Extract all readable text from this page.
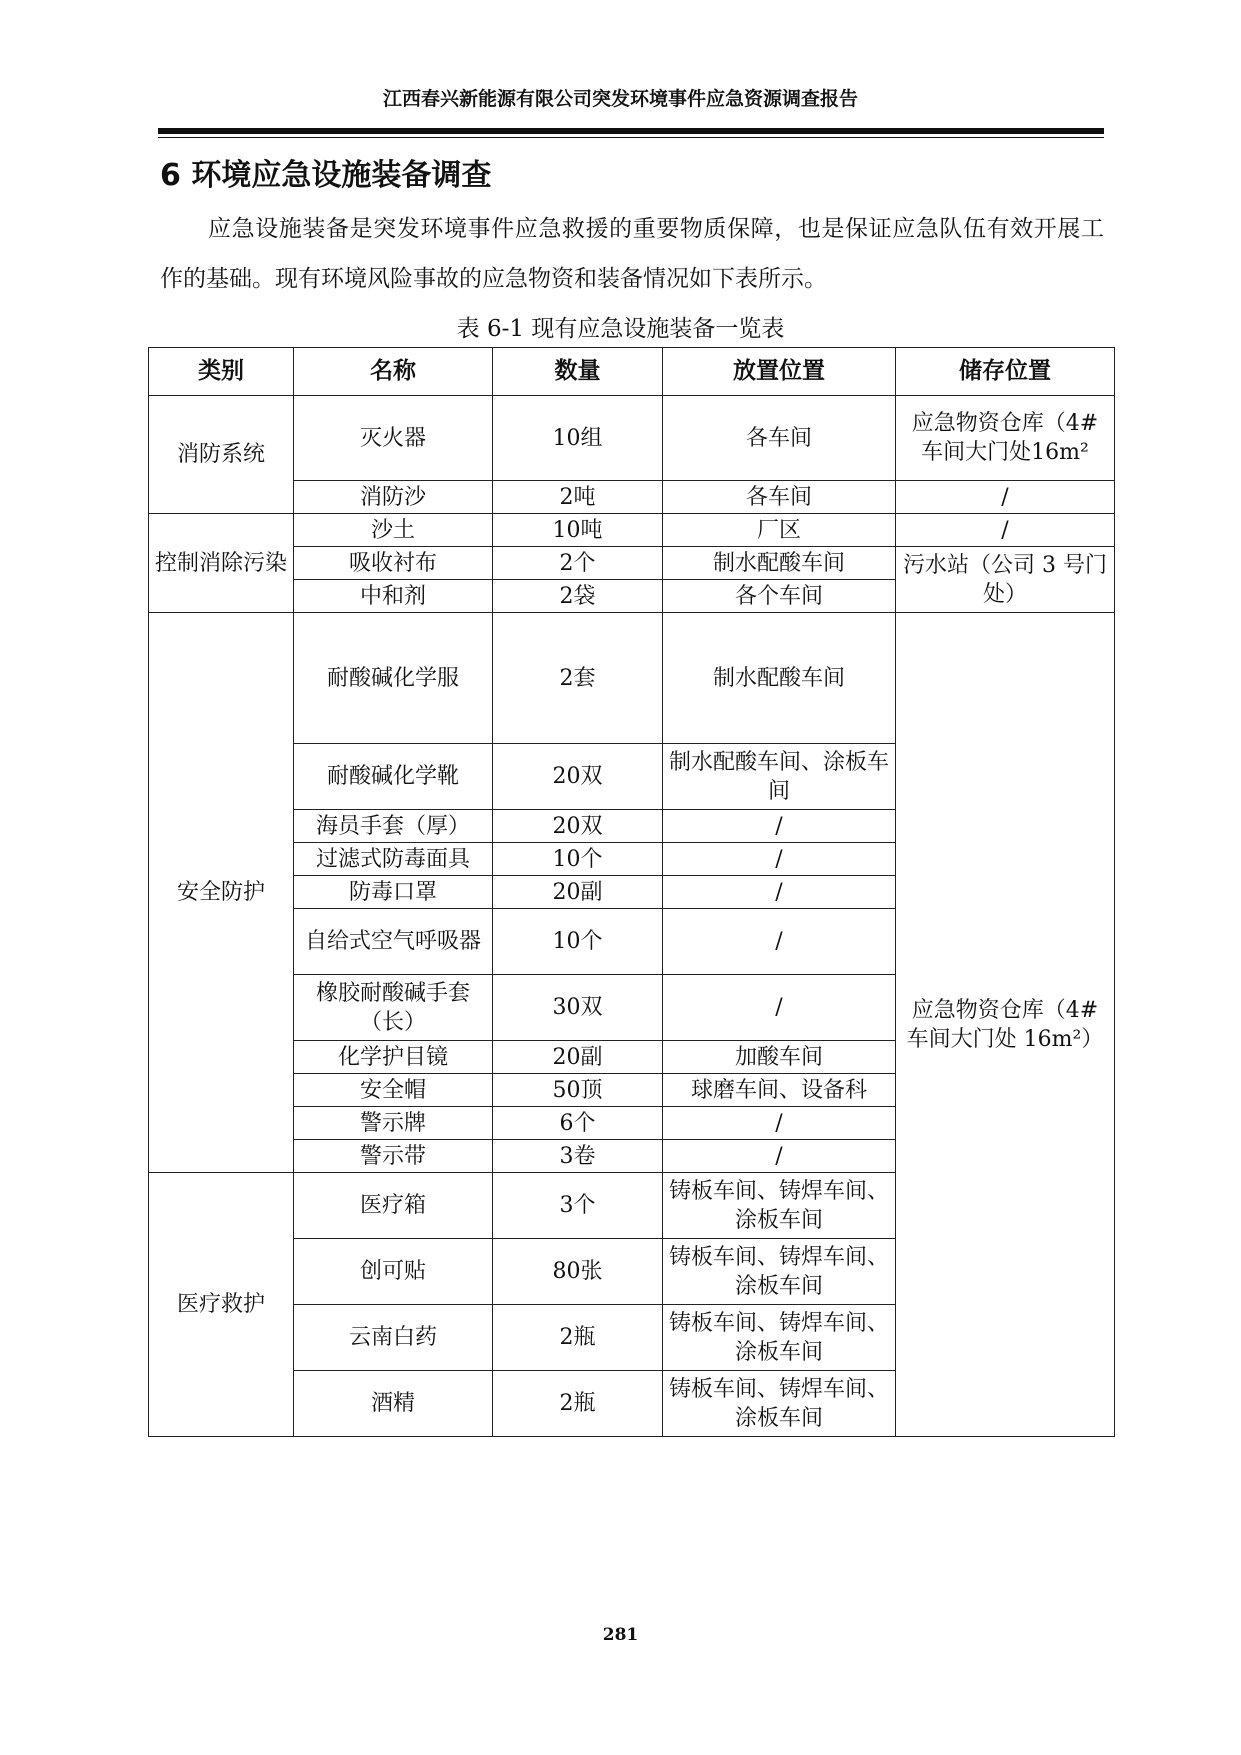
江西春兴新能源有限公司突发环境事件应急资源调查报告
6 环境应急设施装备调查
应急设施装备是突发环境事件应急救援的重要物质保障，也是保证应急队伍有效开展工作的基础。现有环境风险事故的应急物资和装备情况如下表所示。
表 6-1 现有应急设施装备一览表
类别	名称	数量	放置位置	储存位置
消防系统	灭火器	10组	各车间	应急物资仓库（4#车间大门处16m²
	消防沙	2吨	各车间	/
控制消除污染	沙土	10吨	厂区	/
	吸收衬布	2个	制水配酸车间	污水站（公司 3 号门处）
	中和剂	2袋	各个车间	
安全防护	耐酸碱化学服	2套	制水配酸车间	应急物资仓库（4#车间大门处 16m²）
	耐酸碱化学靴	20双	制水配酸车间、涂板车间	
	海员手套（厚）	20双	/	
	过滤式防毒面具	10个	/	
	防毒口罩	20副	/	
	自给式空气呼吸器	10个	/	
	橡胶耐酸碱手套（长）	30双	/	
	化学护目镜	20副	加酸车间	
	安全帽	50顶	球磨车间、设备科	
	警示牌	6个	/	
	警示带	3卷	/	
医疗救护	医疗箱	3个	铸板车间、铸焊车间、涂板车间	
	创可贴	80张	铸板车间、铸焊车间、涂板车间	
	云南白药	2瓶	铸板车间、铸焊车间、涂板车间	
	酒精	2瓶	铸板车间、铸焊车间、涂板车间	
281
